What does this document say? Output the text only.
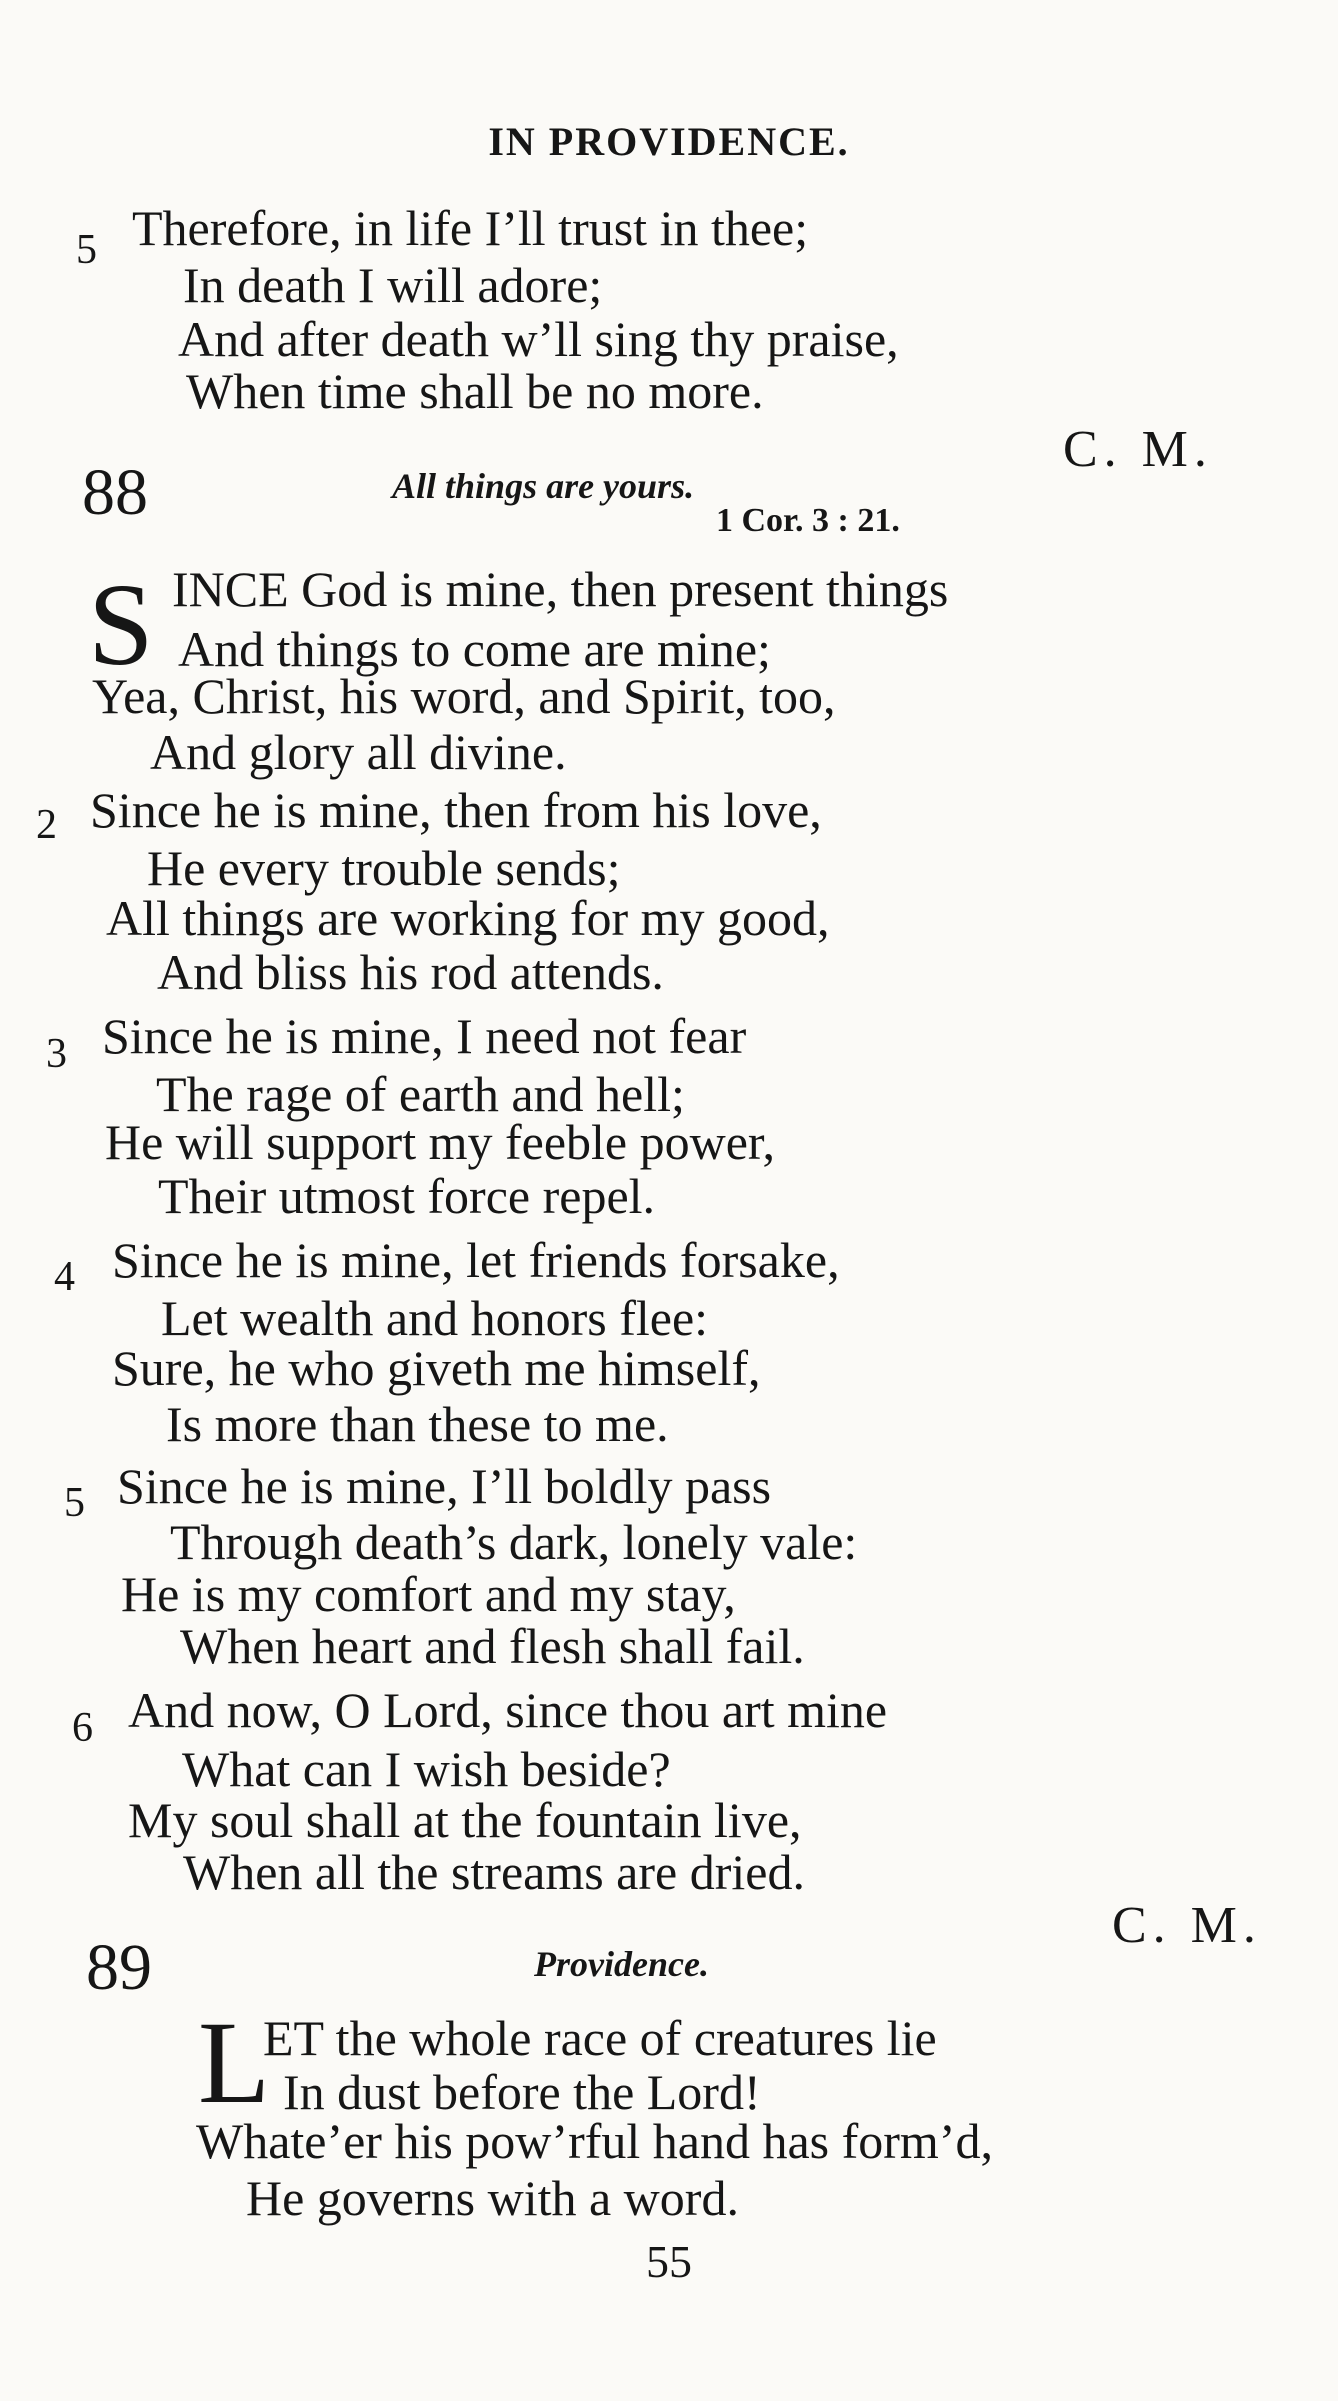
IN PROVIDENCE.
5 Therefore, in life I’ll trust in thee;
In death I will adore;
And after death w’ll sing thy praise,
When time shall be no more.
88	All things are yours.
1 Cor. 3 : 21.
C. M.
S INCE God is mine, then present things
And things to come are mine;
Yea, Christ, his word, and Spirit, too,
And glory all divine.
2 Since he is mine, then from his love,
He every trouble sends;
All things are working for my good,
And bliss his rod attends.
3 Since he is mine, I need not fear
The rage of earth and hell;
He will support my feeble power,
Their utmost force repel.
4 Since he is mine, let friends forsake,
Let wealth and honors flee:
Sure, he who giveth me himself,
Is more than these to me.
5 Since he is mine, I’ll boldly pass
Through death’s dark, lonely vale:
He is my comfort and my stay,
When heart and flesh shall fail.
6 And now, O Lord, since thou art mine
What can I wish beside?
My soul shall at the fountain live,
When all the streams are dried.
89	Providence.
C. M.
L
ET the whole race of creatures lie
In dust before the Lord!
Whate’er his pow’rful hand has form’d,
He governs with a word.
55
